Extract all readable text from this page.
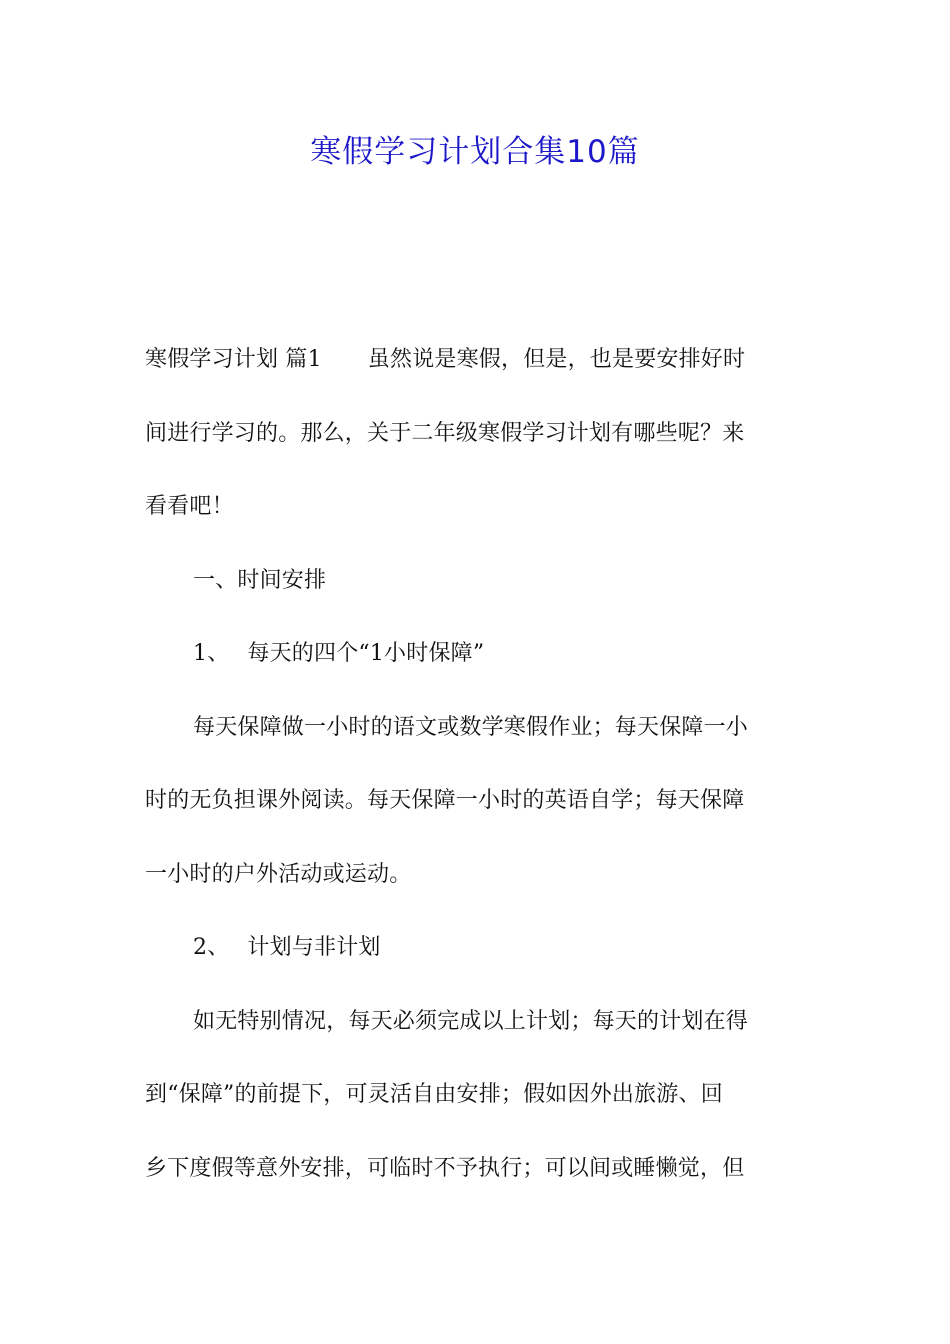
寒假学习计划合集10篇
寒假学习计划 篇1 虽然说是寒假，但是，也是要安排好时
间进行学习的。那么，关于二年级寒假学习计划有哪些呢？来
看看吧！
一、时间安排
1、 每天的四个“1小时保障”
每天保障做一小时的语文或数学寒假作业；每天保障一小
时的无负担课外阅读。每天保障一小时的英语自学；每天保障
一小时的户外活动或运动。
2、 计划与非计划
如无特别情况，每天必须完成以上计划；每天的计划在得
到“保障”的前提下，可灵活自由安排；假如因外出旅游、回
乡下度假等意外安排，可临时不予执行；可以间或睡懒觉，但
